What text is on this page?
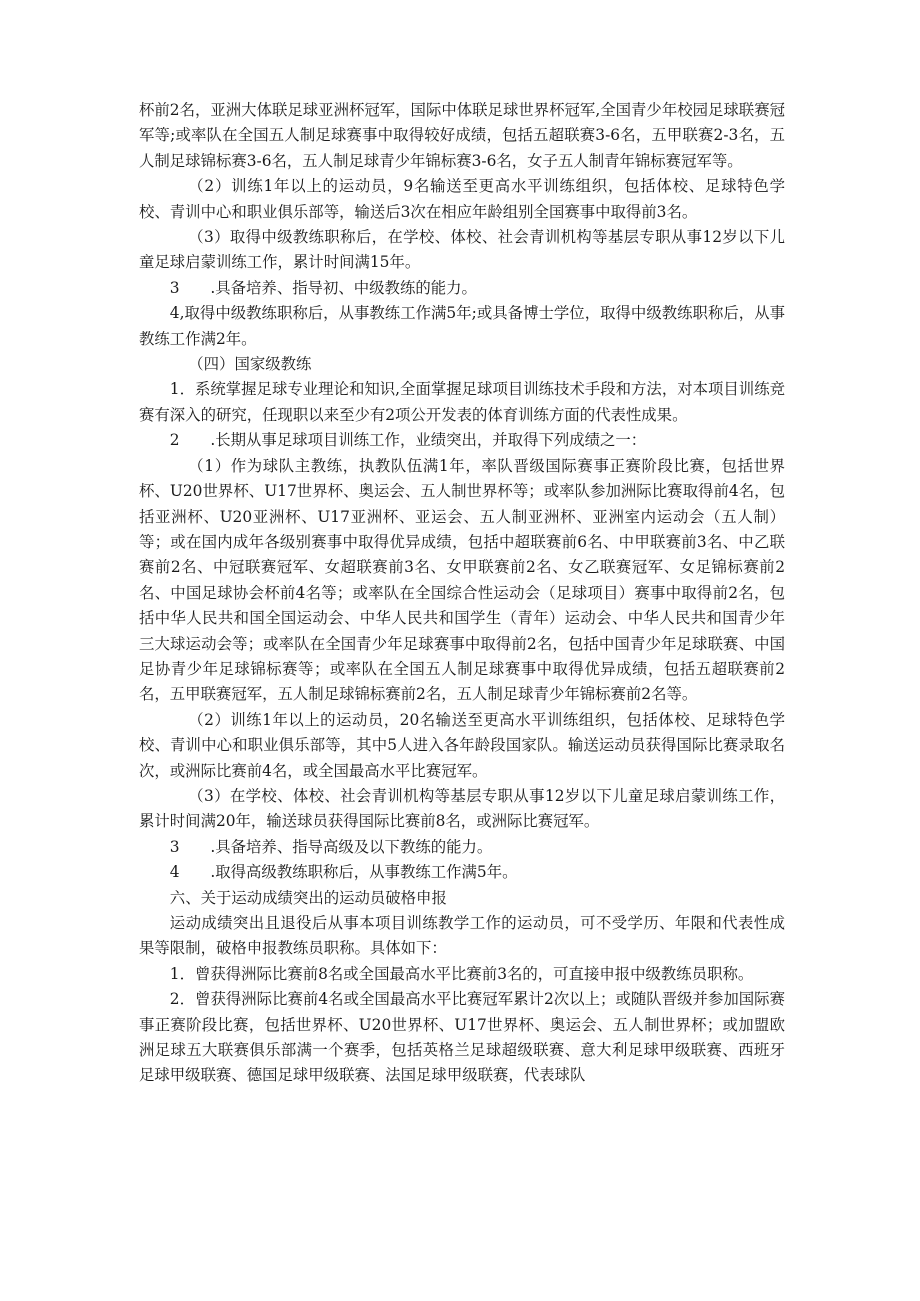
杯前2名，亚洲大体联足球亚洲杯冠军，国际中体联足球世界杯冠军,全国青少年校园足球联赛冠军等;或率队在全国五人制足球赛事中取得较好成绩，包括五超联赛3-6名，五甲联赛2-3名，五人制足球锦标赛3-6名，五人制足球青少年锦标赛3-6名，女子五人制青年锦标赛冠军等。

（2）训练1年以上的运动员，9名输送至更高水平训练组织，包括体校、足球特色学校、青训中心和职业俱乐部等，输送后3次在相应年龄组别全国赛事中取得前3名。

（3）取得中级教练职称后，在学校、体校、社会青训机构等基层专职从事12岁以下儿童足球启蒙训练工作，累计时间满15年。

3　　.具备培养、指导初、中级教练的能力。

4,取得中级教练职称后，从事教练工作满5年;或具备博士学位，取得中级教练职称后，从事教练工作满2年。

（四）国家级教练

1．系统掌握足球专业理论和知识,全面掌握足球项目训练技术手段和方法，对本项目训练竞赛有深入的研究，任现职以来至少有2项公开发表的体育训练方面的代表性成果。

2　　.长期从事足球项目训练工作，业绩突出，并取得下列成绩之一：

（1）作为球队主教练，执教队伍满1年，率队晋级国际赛事正赛阶段比赛，包括世界杯、U20世界杯、U17世界杯、奥运会、五人制世界杯等；或率队参加洲际比赛取得前4名，包括亚洲杯、U20亚洲杯、U17亚洲杯、亚运会、五人制亚洲杯、亚洲室内运动会（五人制）等；或在国内成年各级别赛事中取得优异成绩，包括中超联赛前6名、中甲联赛前3名、中乙联赛前2名、中冠联赛冠军、女超联赛前3名、女甲联赛前2名、女乙联赛冠军、女足锦标赛前2名、中国足球协会杯前4名等；或率队在全国综合性运动会（足球项目）赛事中取得前2名，包括中华人民共和国全国运动会、中华人民共和国学生（青年）运动会、中华人民共和国青少年三大球运动会等；或率队在全国青少年足球赛事中取得前2名，包括中国青少年足球联赛、中国足协青少年足球锦标赛等；或率队在全国五人制足球赛事中取得优异成绩，包括五超联赛前2名，五甲联赛冠军，五人制足球锦标赛前2名，五人制足球青少年锦标赛前2名等。

（2）训练1年以上的运动员，20名输送至更高水平训练组织，包括体校、足球特色学校、青训中心和职业俱乐部等，其中5人进入各年龄段国家队。输送运动员获得国际比赛录取名次，或洲际比赛前4名，或全国最高水平比赛冠军。

（3）在学校、体校、社会青训机构等基层专职从事12岁以下儿童足球启蒙训练工作，累计时间满20年，输送球员获得国际比赛前8名，或洲际比赛冠军。

3　　.具备培养、指导高级及以下教练的能力。

4　　.取得高级教练职称后，从事教练工作满5年。

六、关于运动成绩突出的运动员破格申报

运动成绩突出且退役后从事本项目训练教学工作的运动员，可不受学历、年限和代表性成果等限制，破格申报教练员职称。具体如下：

1．曾获得洲际比赛前8名或全国最高水平比赛前3名的，可直接申报中级教练员职称。

2．曾获得洲际比赛前4名或全国最高水平比赛冠军累计2次以上；或随队晋级并参加国际赛事正赛阶段比赛，包括世界杯、U20世界杯、U17世界杯、奥运会、五人制世界杯；或加盟欧洲足球五大联赛俱乐部满一个赛季，包括英格兰足球超级联赛、意大利足球甲级联赛、西班牙足球甲级联赛、德国足球甲级联赛、法国足球甲级联赛，代表球队
